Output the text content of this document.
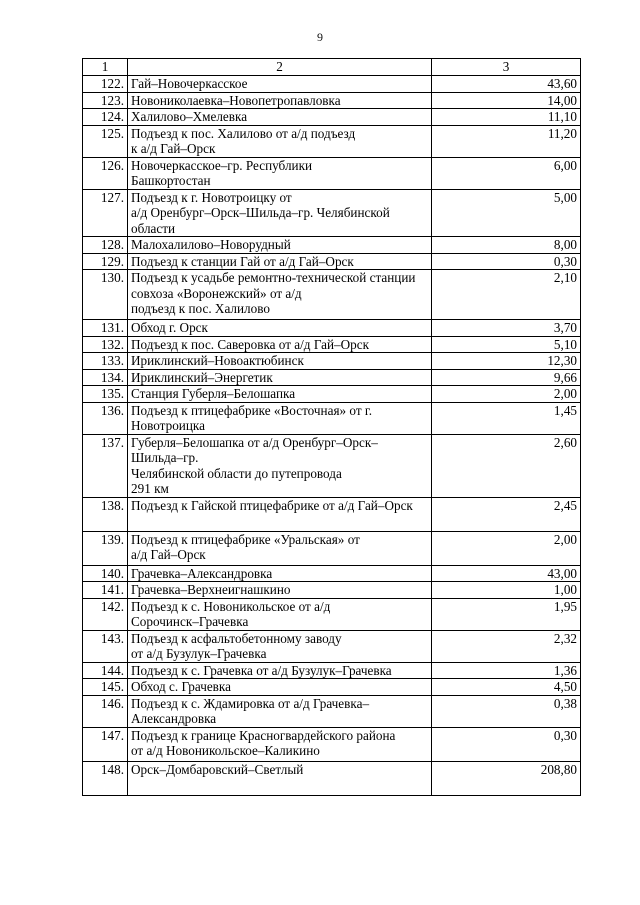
9
1	2	3
122.	Гай–Новочеркасское	43,60
123.	Новониколаевка–Новопетропавловка	14,00
124.	Халилово–Хмелевка	11,10
125.	Подъезд к пос. Халилово от а/д подъезд
к а/д Гай–Орск	11,20
126.	Новочеркасское–гр. Республики
Башкортостан	6,00
127.	Подъезд к г. Новотроицку от
а/д Оренбург–Орск–Шильда–гр. Челябинской
области	5,00
128.	Малохалилово–Новорудный	8,00
129.	Подъезд к станции Гай от а/д Гай–Орск	0,30
130.	Подъезд к усадьбе ремонтно-технической станции
совхоза «Воронежский» от а/д
подъезд к пос. Халилово	2,10
131.	Обход г. Орск	3,70
132.	Подъезд к пос. Саверовка от а/д Гай–Орск	5,10
133.	Ириклинский–Новоактюбинск	12,30
134.	Ириклинский–Энергетик	9,66
135.	Станция Губерля–Белошапка	2,00
136.	Подъезд к птицефабрике «Восточная» от г.
Новотроицка	1,45
137.	Губерля–Белошапка от а/д Оренбург–Орск–Шильда–гр.
Челябинской области до путепровода
291 км	2,60
138.	Подъезд к Гайской птицефабрике от а/д Гай–Орск	2,45
139.	Подъезд к птицефабрике «Уральская» от
а/д Гай–Орск	2,00
140.	Грачевка–Александровка	43,00
141.	Грачевка–Верхнеигнашкино	1,00
142.	Подъезд к с. Новоникольское от а/д
Сорочинск–Грачевка	1,95
143.	Подъезд к асфальтобетонному заводу
от а/д Бузулук–Грачевка	2,32
144.	Подъезд к с. Грачевка от а/д Бузулук–Грачевка	1,36
145.	Обход с. Грачевка	4,50
146.	Подъезд к с. Ждамировка от а/д Грачевка–Александровка	0,38
147.	Подъезд к границе Красногвардейского района
от а/д Новоникольское–Каликино	0,30
148.	Орск–Домбаровский–Светлый	208,80
